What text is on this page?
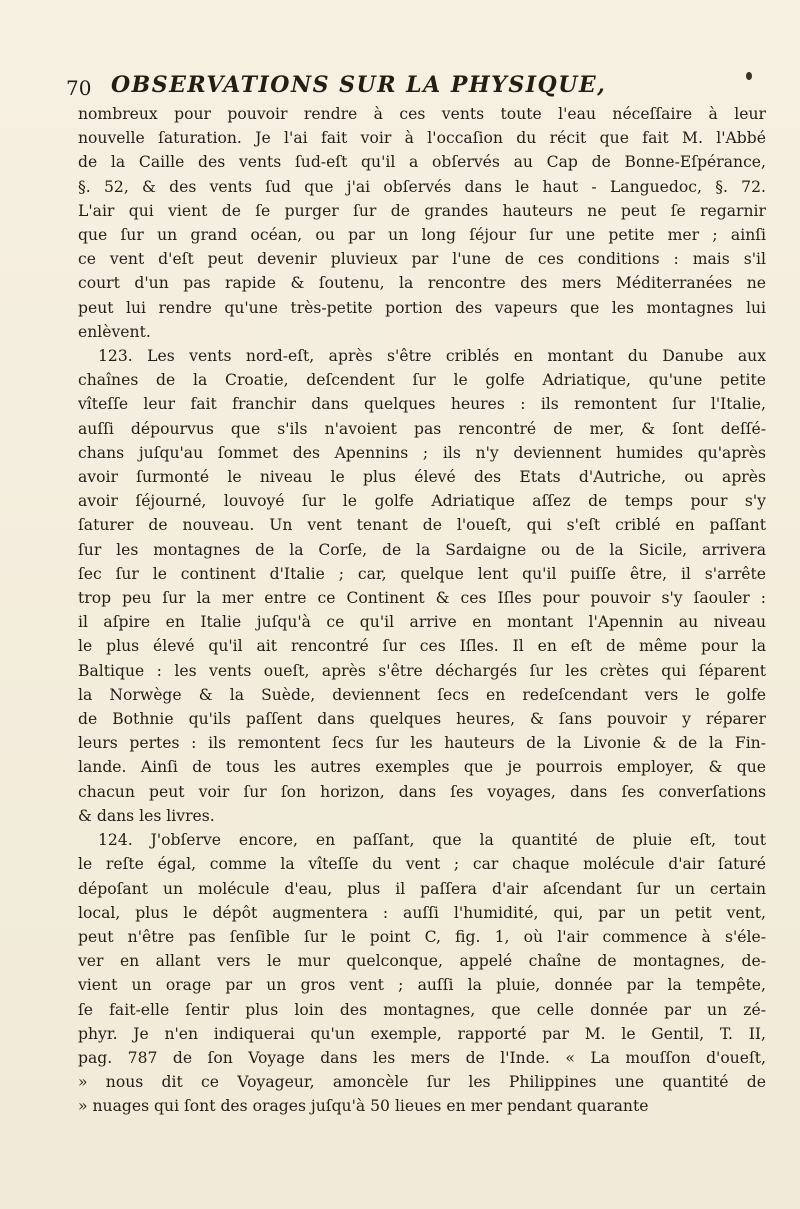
70 OBSERVATIONS SUR LA PHYSIQUE,
nombreux pour pouvoir rendre à ces vents toute l'eau néceſſaire à leur
nouvelle ſaturation. Je l'ai fait voir à l'occaſion du récit que fait M. l'Abbé
de la Caille des vents ſud-eſt qu'il a obſervés au Cap de Bonne-Eſpérance,
§. 52, & des vents ſud que j'ai obſervés dans le haut - Languedoc, §. 72.
L'air qui vient de ſe purger ſur de grandes hauteurs ne peut ſe regarnir
que ſur un grand océan, ou par un long ſéjour ſur une petite mer ; ainſi
ce vent d'eſt peut devenir pluvieux par l'une de ces conditions : mais s'il
court d'un pas rapide & ſoutenu, la rencontre des mers Méditerranées ne
peut lui rendre qu'une très-petite portion des vapeurs que les montagnes lui
enlèvent.
123. Les vents nord-eſt, après s'être criblés en montant du Danube aux
chaînes de la Croatie, deſcendent ſur le golfe Adriatique, qu'une petite
vîteſſe leur fait franchir dans quelques heures : ils remontent ſur l'Italie,
auſſi dépourvus que s'ils n'avoient pas rencontré de mer, & ſont deſſé-
chans juſqu'au ſommet des Apennins ; ils n'y deviennent humides qu'après
avoir ſurmonté le niveau le plus élevé des Etats d'Autriche, ou après
avoir ſéjourné, louvoyé ſur le golfe Adriatique aſſez de temps pour s'y
ſaturer de nouveau. Un vent tenant de l'oueſt, qui s'eſt criblé en paſſant
ſur les montagnes de la Corſe, de la Sardaigne ou de la Sicile, arrivera
ſec ſur le continent d'Italie ; car, quelque lent qu'il puiſſe être, il s'arrête
trop peu ſur la mer entre ce Continent & ces Iſles pour pouvoir s'y ſaouler :
il aſpire en Italie juſqu'à ce qu'il arrive en montant l'Apennin au niveau
le plus élevé qu'il ait rencontré ſur ces Iſles. Il en eſt de même pour la
Baltique : les vents oueſt, après s'être déchargés ſur les crètes qui ſéparent
la Norwège & la Suède, deviennent ſecs en redeſcendant vers le golfe
de Bothnie qu'ils paſſent dans quelques heures, & ſans pouvoir y réparer
leurs pertes : ils remontent ſecs ſur les hauteurs de la Livonie & de la Fin-
lande. Ainſi de tous les autres exemples que je pourrois employer, & que
chacun peut voir ſur ſon horizon, dans ſes voyages, dans ſes converſations
& dans les livres.
124. J'obſerve encore, en paſſant, que la quantité de pluie eſt, tout
le reſte égal, comme la vîteſſe du vent ; car chaque molécule d'air ſaturé
dépoſant un molécule d'eau, plus il paſſera d'air aſcendant ſur un certain
local, plus le dépôt augmentera : auſſi l'humidité, qui, par un petit vent,
peut n'être pas ſenſible ſur le point C, fig. 1, où l'air commence à s'éle-
ver en allant vers le mur quelconque, appelé chaîne de montagnes, de-
vient un orage par un gros vent ; auſſi la pluie, donnée par la tempête,
ſe fait-elle ſentir plus loin des montagnes, que celle donnée par un zé-
phyr. Je n'en indiquerai qu'un exemple, rapporté par M. le Gentil, T. II,
pag. 787 de ſon Voyage dans les mers de l'Inde. « La mouſſon d'oueſt,
» nous dit ce Voyageur, amoncèle ſur les Philippines une quantité de
» nuages qui ſont des orages juſqu'à 50 lieues en mer pendant quarante
